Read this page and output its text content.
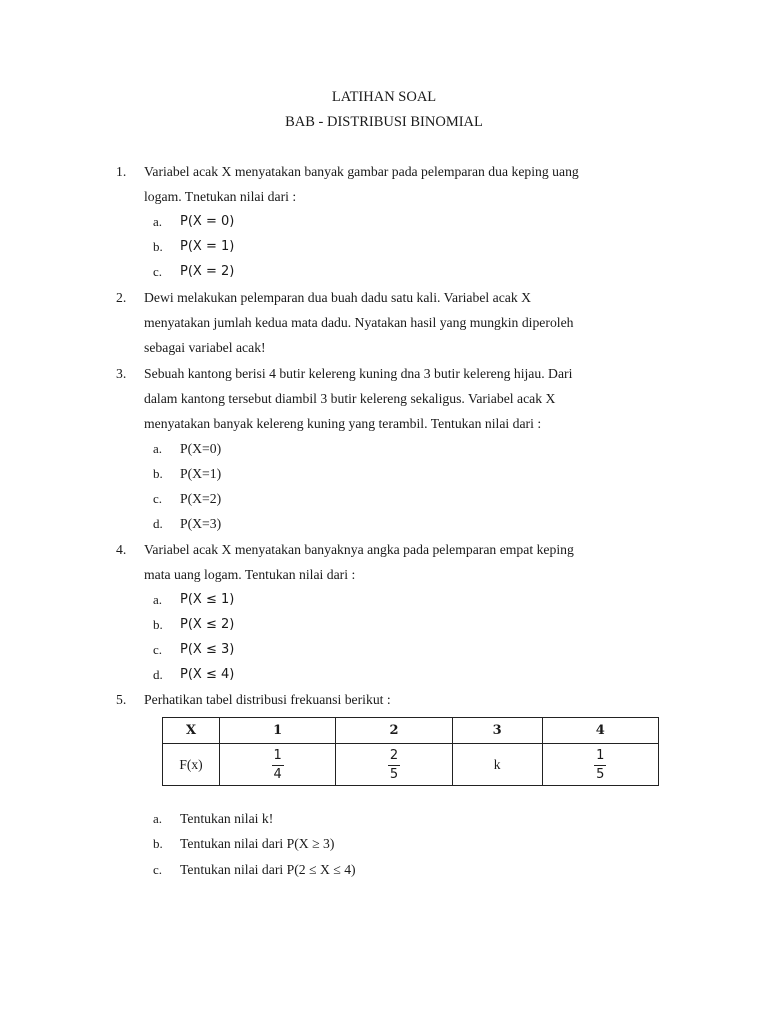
LATIHAN SOAL
BAB - DISTRIBUSI BINOMIAL
1. Variabel acak X menyatakan banyak gambar pada pelemparan dua keping uang
logam. Tnetukan nilai dari :
a. P(X = 0)
b. P(X = 1)
c. P(X = 2)
2. Dewi melakukan pelemparan dua buah dadu satu kali. Variabel acak X
menyatakan jumlah kedua mata dadu. Nyatakan hasil yang mungkin diperoleh
sebagai variabel acak!
3. Sebuah kantong berisi 4 butir kelereng kuning dna 3 butir kelereng hijau. Dari
dalam kantong tersebut diambil 3 butir kelereng sekaligus. Variabel acak X
menyatakan banyak kelereng kuning yang terambil. Tentukan nilai dari :
a. P(X=0)
b. P(X=1)
c. P(X=2)
d. P(X=3)
4. Variabel acak X menyatakan banyaknya angka pada pelemparan empat keping
mata uang logam. Tentukan nilai dari :
a. P(X ≤ 1)
b. P(X ≤ 2)
c. P(X ≤ 3)
d. P(X ≤ 4)
5. Perhatikan tabel distribusi frekuansi berikut :
X	1	2	3	4
F(x)	$\frac{1}{4}$	$\frac{2}{5}$	k	$\frac{1}{5}$
a. Tentukan nilai k!
b. Tentukan nilai dari P(X ≥ 3)
c. Tentukan nilai dari P(2 ≤ X ≤ 4)
